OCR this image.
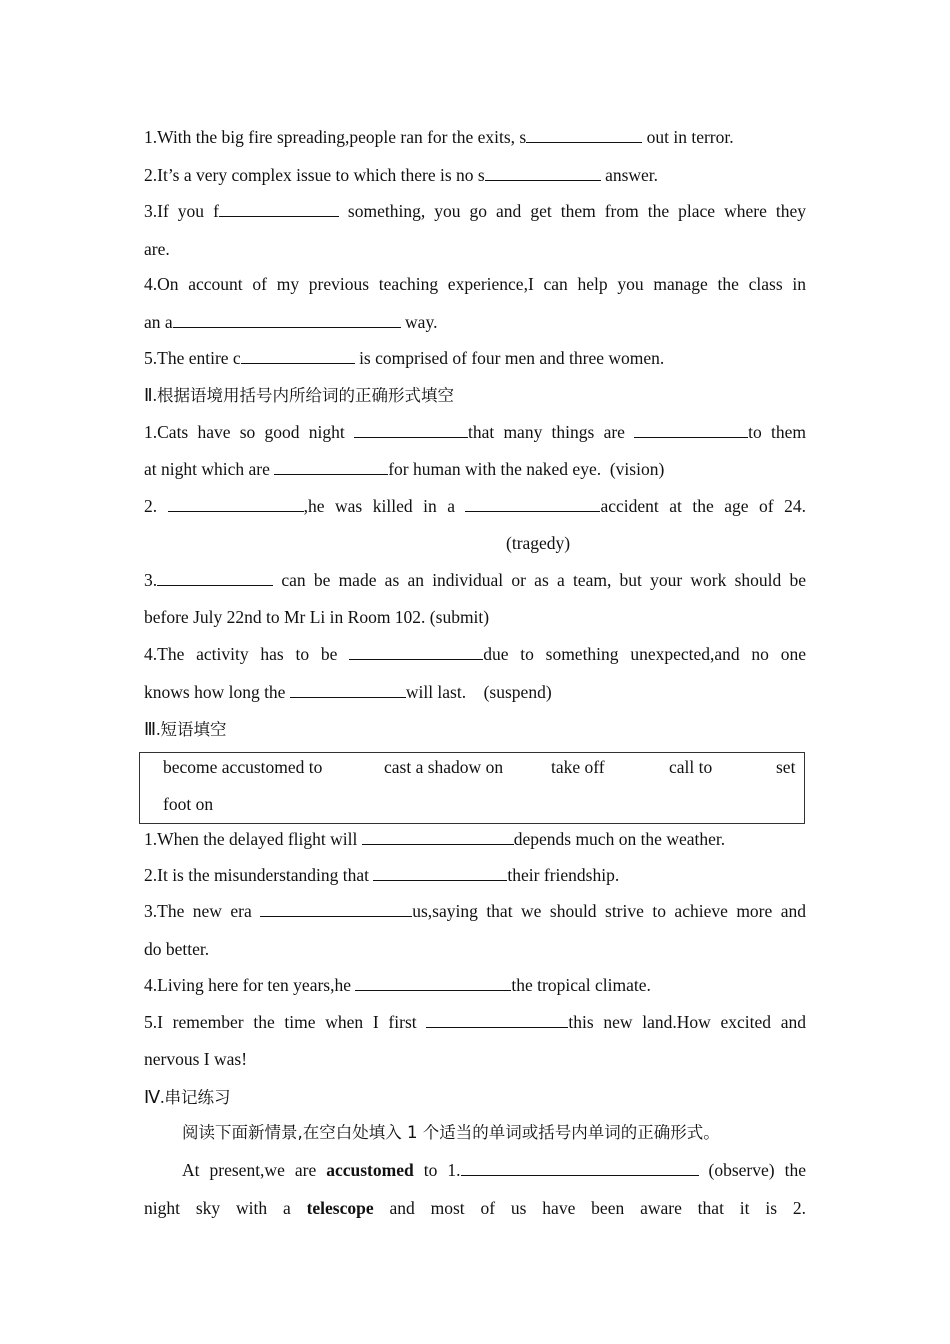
1.With the big fire spreading,people ran for the exits, s	out in terror.
2.It’s a very complex issue to which there is no s	answer.
3.If you f	something, you go and get them from the place where they
are.
4.On account of my previous teaching experience,I can help you manage the class in
an a	way.
5.The entire c	is comprised of four men and three women.
Ⅱ.根据语境用括号内所给词的正确形式填空
1.Cats have so good night	that many things are	to them
at night which are	for human with the naked eye. (vision)
2.	,he was killed in a	accident at the age of 24.
(tragedy)
3.	can be made as an individual or as a team, but your work should be
before July 22nd to Mr Li in Room 102. (submit)
4.The activity has to be	due to something unexpected,and no one
knows how long the	will last. (suspend)
Ⅲ.短语填空
become accustomed to	cast a shadow on	take off	call to	set
foot on
1.When the delayed flight will	depends much on the weather.
2.It is the misunderstanding that	their friendship.
3.The new era	us,saying that we should strive to achieve more and
do better.
4.Living here for ten years,he	the tropical climate.
5.I remember the time when I first	this new land.How excited and
nervous I was!
Ⅳ.串记练习
阅读下面新情景,在空白处填入 1 个适当的单词或括号内单词的正确形式。
At present,we are accustomed to 1.	(observe) the
night sky with a telescope and most of us have been aware that it is 2.
